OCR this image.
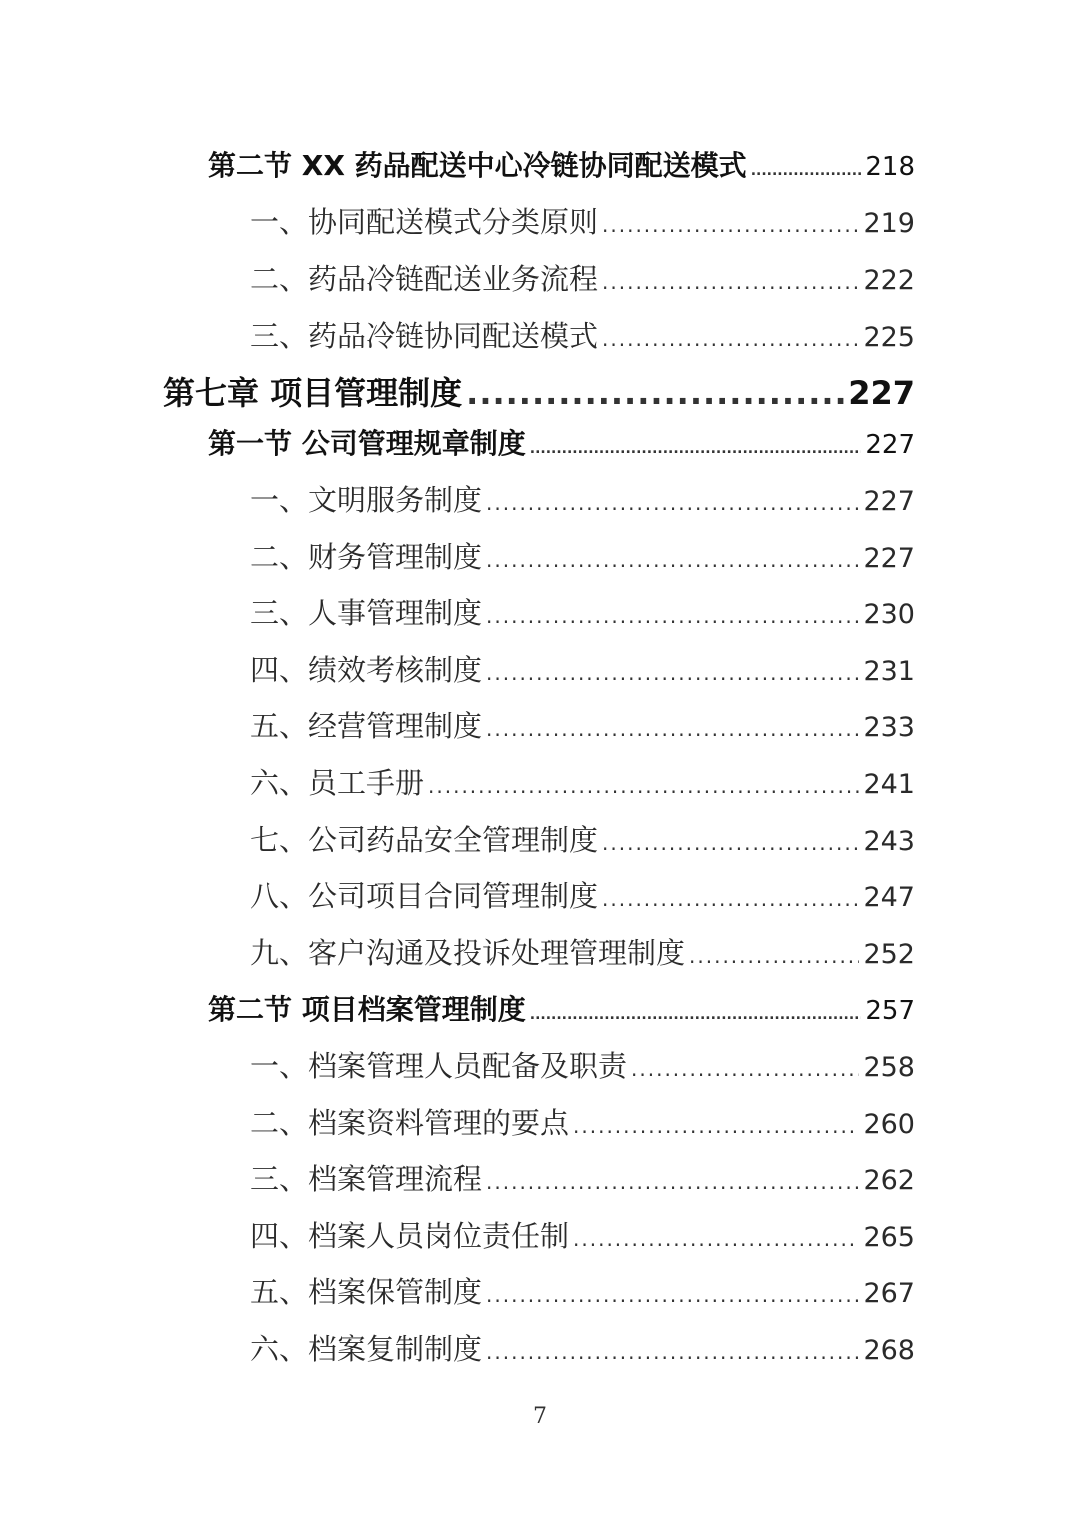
第二节 XX 药品配送中心冷链协同配送模式 .....	218
一、协同配送模式分类原则 .....	219
二、药品冷链配送业务流程 .....	222
三、药品冷链协同配送模式 .....	225
第七章 项目管理制度 .....	227
第一节 公司管理规章制度 .....	227
一、文明服务制度 .....	227
二、财务管理制度 .....	227
三、人事管理制度 .....	230
四、绩效考核制度 .....	231
五、经营管理制度 .....	233
六、员工手册 .....	241
七、公司药品安全管理制度 .....	243
八、公司项目合同管理制度 .....	247
九、客户沟通及投诉处理管理制度 .....	252
第二节 项目档案管理制度 .....	257
一、档案管理人员配备及职责 .....	258
二、档案资料管理的要点 .....	260
三、档案管理流程 .....	262
四、档案人员岗位责任制 .....	265
五、档案保管制度 .....	267
六、档案复制制度 .....	268
7
